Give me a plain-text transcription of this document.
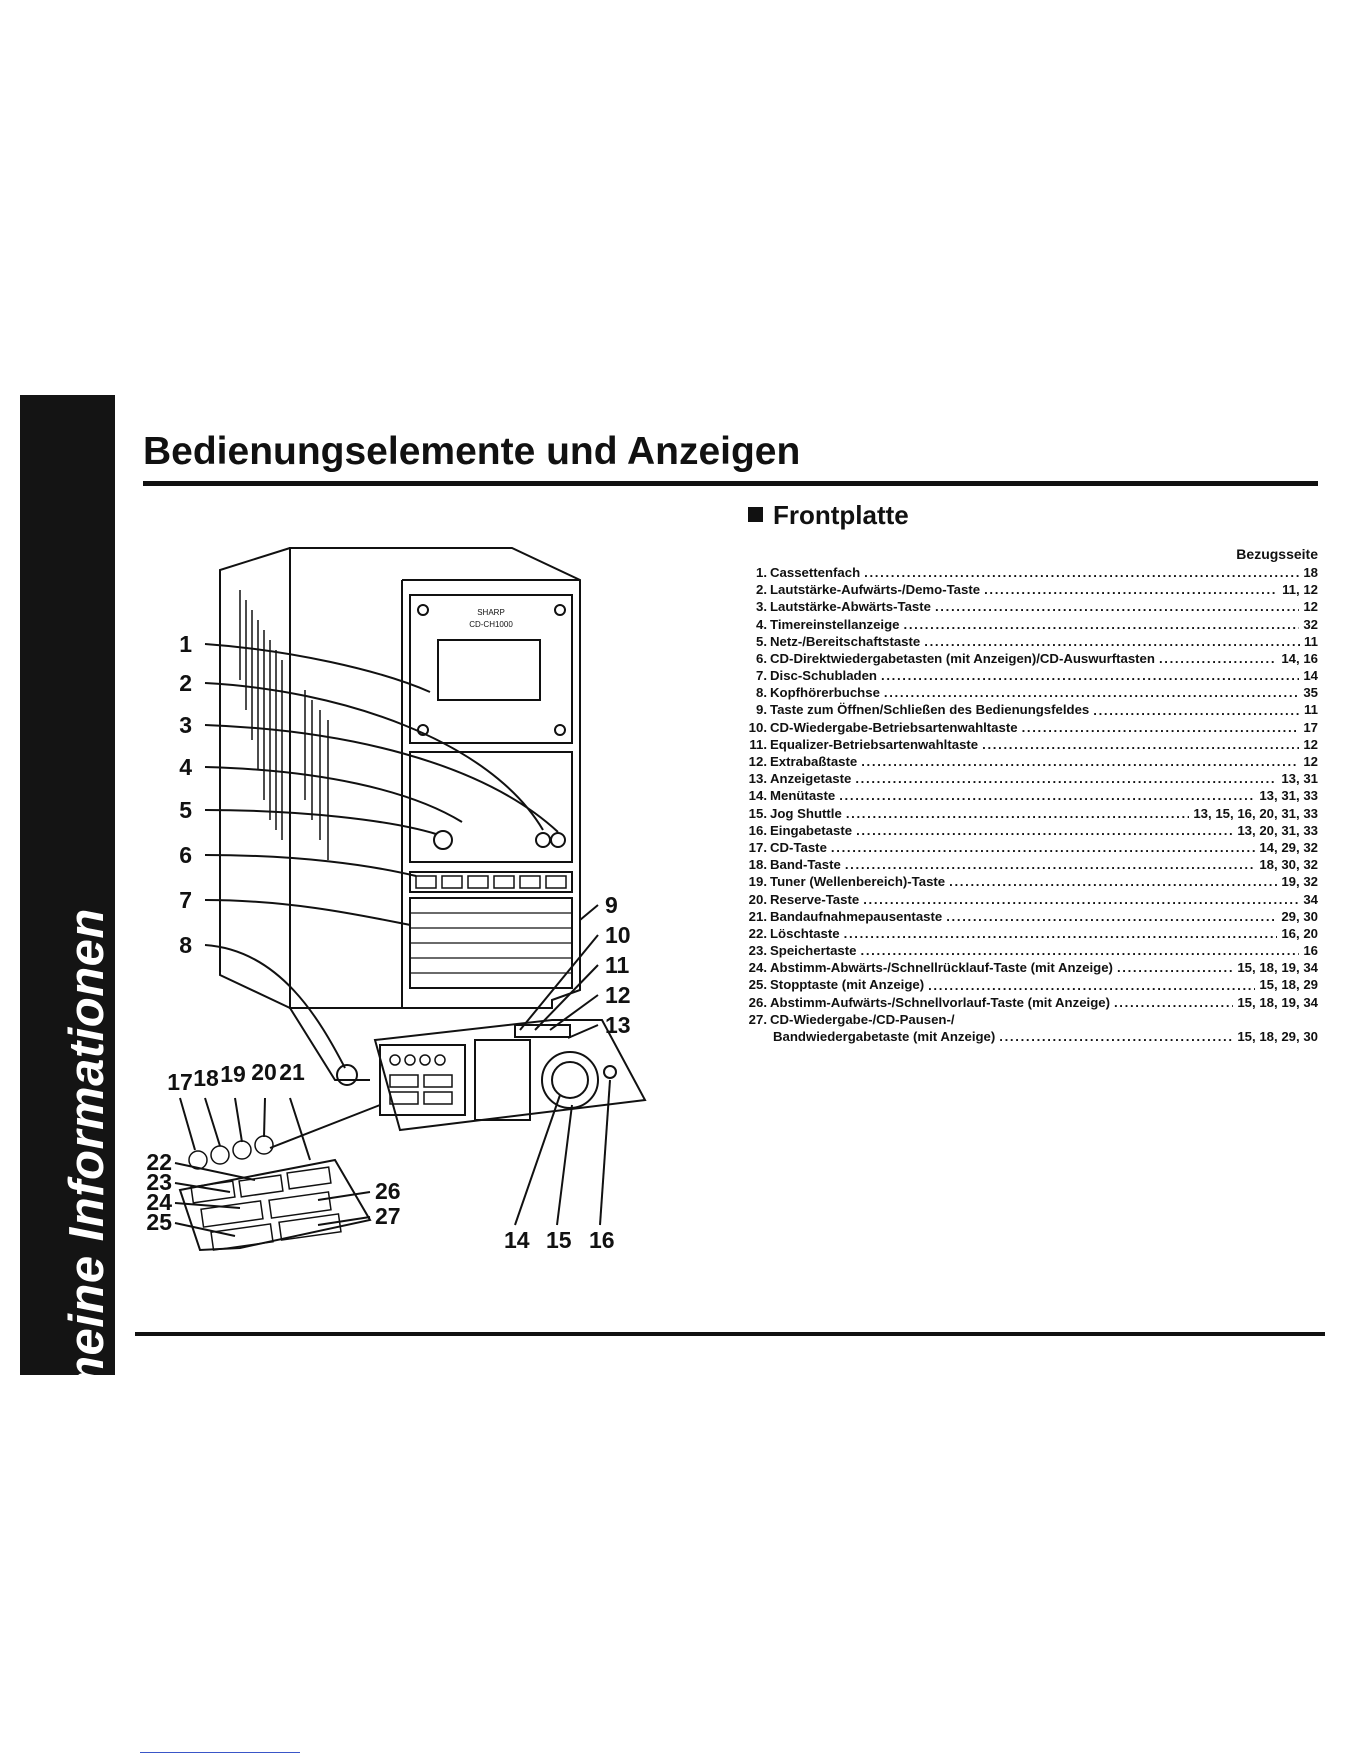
Allgemeine Informationen
D-4
Bedienungselemente und Anzeigen
Frontplatte
Bezugsseite
1. Cassettenfach . . .	18
2. Lautstärke-Aufwärts-/Demo-Taste . . .	11, 12
3. Lautstärke-Abwärts-Taste . . .	12
4. Timereinstellanzeige . . .	32
5. Netz-/Bereitschaftstaste . . .	11
6. CD-Direktwiedergabetasten (mit Anzeigen)/CD-Auswurftasten . . .	14, 16
7. Disc-Schubladen . . .	14
8. Kopfhörerbuchse . . .	35
9. Taste zum Öffnen/Schließen des Bedienungsfeldes . . .	11
10. CD-Wiedergabe-Betriebsartenwahltaste . . .	17
11. Equalizer-Betriebsartenwahltaste . . .	12
12. Extrabaßtaste . . .	12
13. Anzeigetaste . . .	13, 31
14. Menütaste . . .	13, 31, 33
15. Jog Shuttle . . .	13, 15, 16, 20, 31, 33
16. Eingabetaste . . .	13, 20, 31, 33
17. CD-Taste . . .	14, 29, 32
18. Band-Taste . . .	18, 30, 32
19. Tuner (Wellenbereich)-Taste . . .	19, 32
20. Reserve-Taste . . .	34
21. Bandaufnahmepausentaste . . .	29, 30
22. Löschtaste . . .	16, 20
23. Speichertaste . . .	16
24. Abstimm-Abwärts-/Schnellrücklauf-Taste (mit Anzeige) . . .	15, 18, 19, 34
25. Stopptaste (mit Anzeige) . . .	15, 18, 29
26. Abstimm-Aufwärts-/Schnellvorlauf-Taste (mit Anzeige) . . .	15, 18, 19, 34
27. CD-Wiedergabe-/CD-Pausen-/
Bandwiedergabetaste (mit Anzeige) . . .	15, 18, 29, 30
SHARP
CD-CH1000
1
2
3
4
5
6
7
8
9
10
11
12
13
14 15 16
17 18 19 20 21
22
23
24
25
26
27
